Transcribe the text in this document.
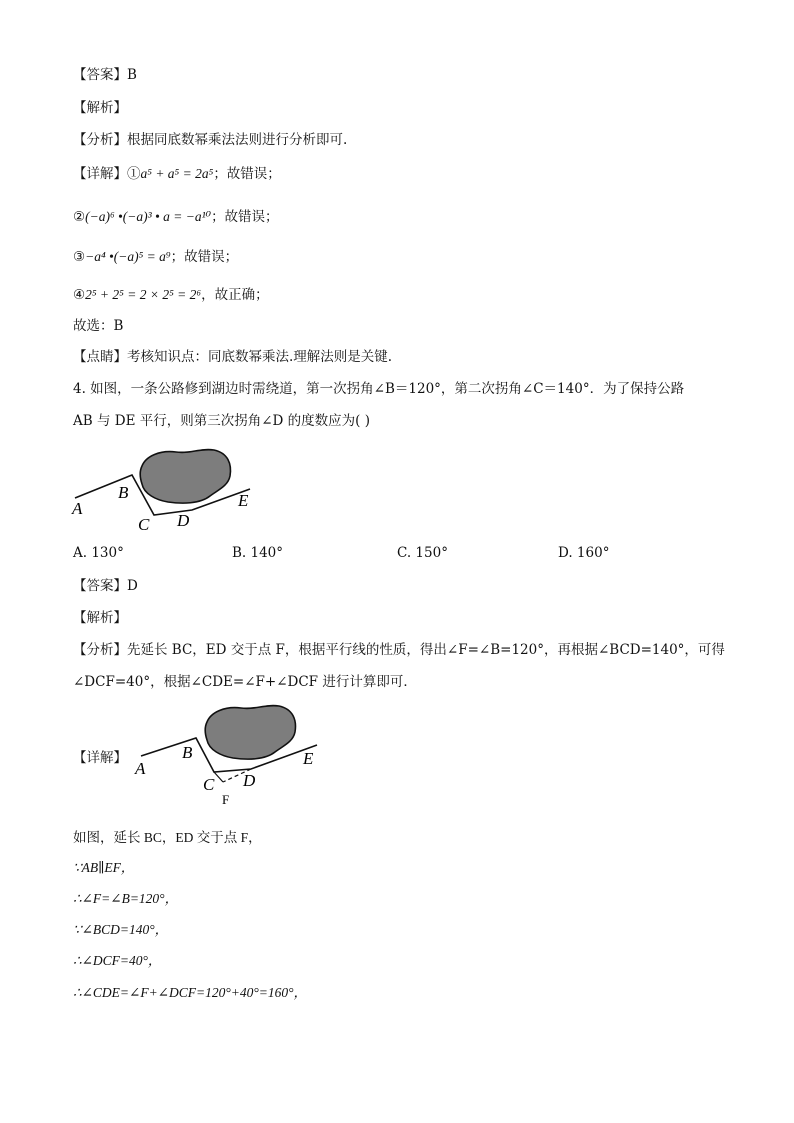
【答案】B
【解析】
【分析】根据同底数幂乘法法则进行分析即可.
【详解】①a⁵ + a⁵ = 2a⁵；故错误；
②(−a)⁶ •(−a)³ • a = −a¹⁰；故错误；
③−a⁴ •(−a)⁵ = a⁹；故错误；
④2⁵ + 2⁵ = 2 × 2⁵ = 2⁶，故正确；
故选：B
【点睛】考核知识点：同底数幂乘法.理解法则是关键.
4. 如图，一条公路修到湖边时需绕道，第一次拐角∠B＝120°，第二次拐角∠C＝140°．为了保持公路
AB 与 DE 平行，则第三次拐角∠D 的度数应为( )
A
B
C D
E
A. 130°	B. 140°	C. 150°	D. 160°
【答案】D
【解析】
【分析】先延长 BC，ED 交于点 F，根据平行线的性质，得出∠F=∠B=120°，再根据∠BCD=140°，可得
∠DCF=40°，根据∠CDE=∠F+∠DCF 进行计算即可．
【详解】
A
B
C D
E
F
如图，延长 BC，ED 交于点 F，
∵AB∥EF，
∴∠F=∠B=120°，
∵∠BCD=140°，
∴∠DCF=40°，
∴∠CDE=∠F+∠DCF=120°+40°=160°，
